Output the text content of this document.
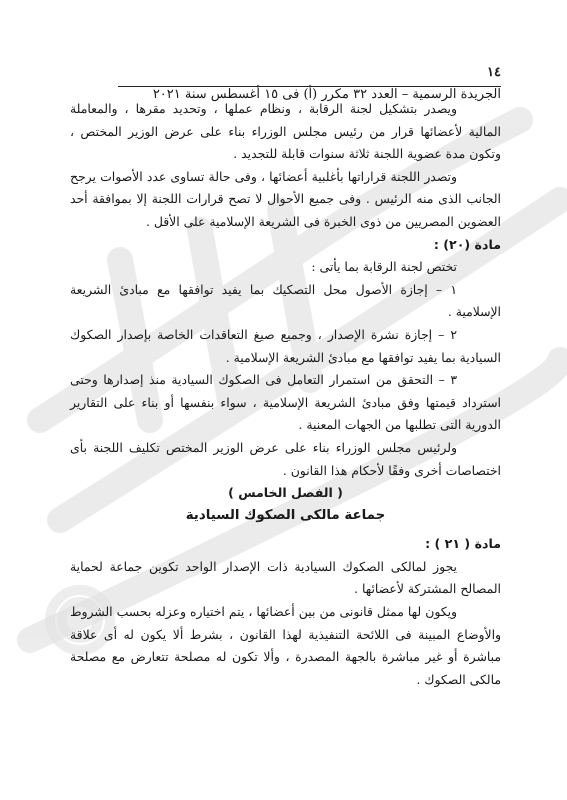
١٤
الجريدة الرسمية – العدد ٣٢ مكرر (أ) فى ١٥ أغسطس سنة ٢٠٢١

ويصدر بتشكيل لجنة الرقابة ، ونظام عملها ، وتحديد مقرها ، والمعاملة المالية لأعضائها قرار من رئيس مجلس الوزراء بناء على عرض الوزير المختص ، وتكون مدة عضوية اللجنة ثلاثة سنوات قابلة للتجديد .

وتصدر اللجنة قراراتها بأغلبية أعضائها ، وفى حالة تساوى عدد الأصوات يرجح الجانب الذى منه الرئيس . وفى جميع الأحوال لا تصح قرارات اللجنة إلا بموافقة أحد العضوين المصريين من ذوى الخبرة فى الشريعة الإسلامية على الأقل .

مادة (٢٠) :

تختص لجنة الرقابة بما يأتى :

١ – إجازة الأصول محل التصكيك بما يفيد توافقها مع مبادئ الشريعة الإسلامية .

٢ – إجازة نشرة الإصدار ، وجميع صيغ التعاقدات الخاصة بإصدار الصكوك السيادية بما يفيد توافقها مع مبادئ الشريعة الإسلامية .

٣ – التحقق من استمرار التعامل فى الصكوك السيادية منذ إصدارها وحتى استرداد قيمتها وفق مبادئ الشريعة الإسلامية ، سواء بنفسها أو بناء على التقارير الدورية التى تطلبها من الجهات المعنية .

ولرئيس مجلس الوزراء بناء على عرض الوزير المختص تكليف اللجنة بأى اختصاصات أخرى وفقًا لأحكام هذا القانون .

( الفصل الخامس )

جماعة مالكى الصكوك السيادية

مادة ( ٢١ ) :

يجوز لمالكى الصكوك السيادية ذات الإصدار الواحد تكوين جماعة لحماية المصالح المشتركة لأعضائها .

ويكون لها ممثل قانونى من بين أعضائها ، يتم اختياره وعزله بحسب الشروط والأوضاع المبينة فى اللائحة التنفيذية لهذا القانون ، بشرط ألا يكون له أى علاقة مباشرة أو غير مباشرة بالجهة المصدرة ، وألا تكون له مصلحة تتعارض مع مصلحة مالكى الصكوك .
